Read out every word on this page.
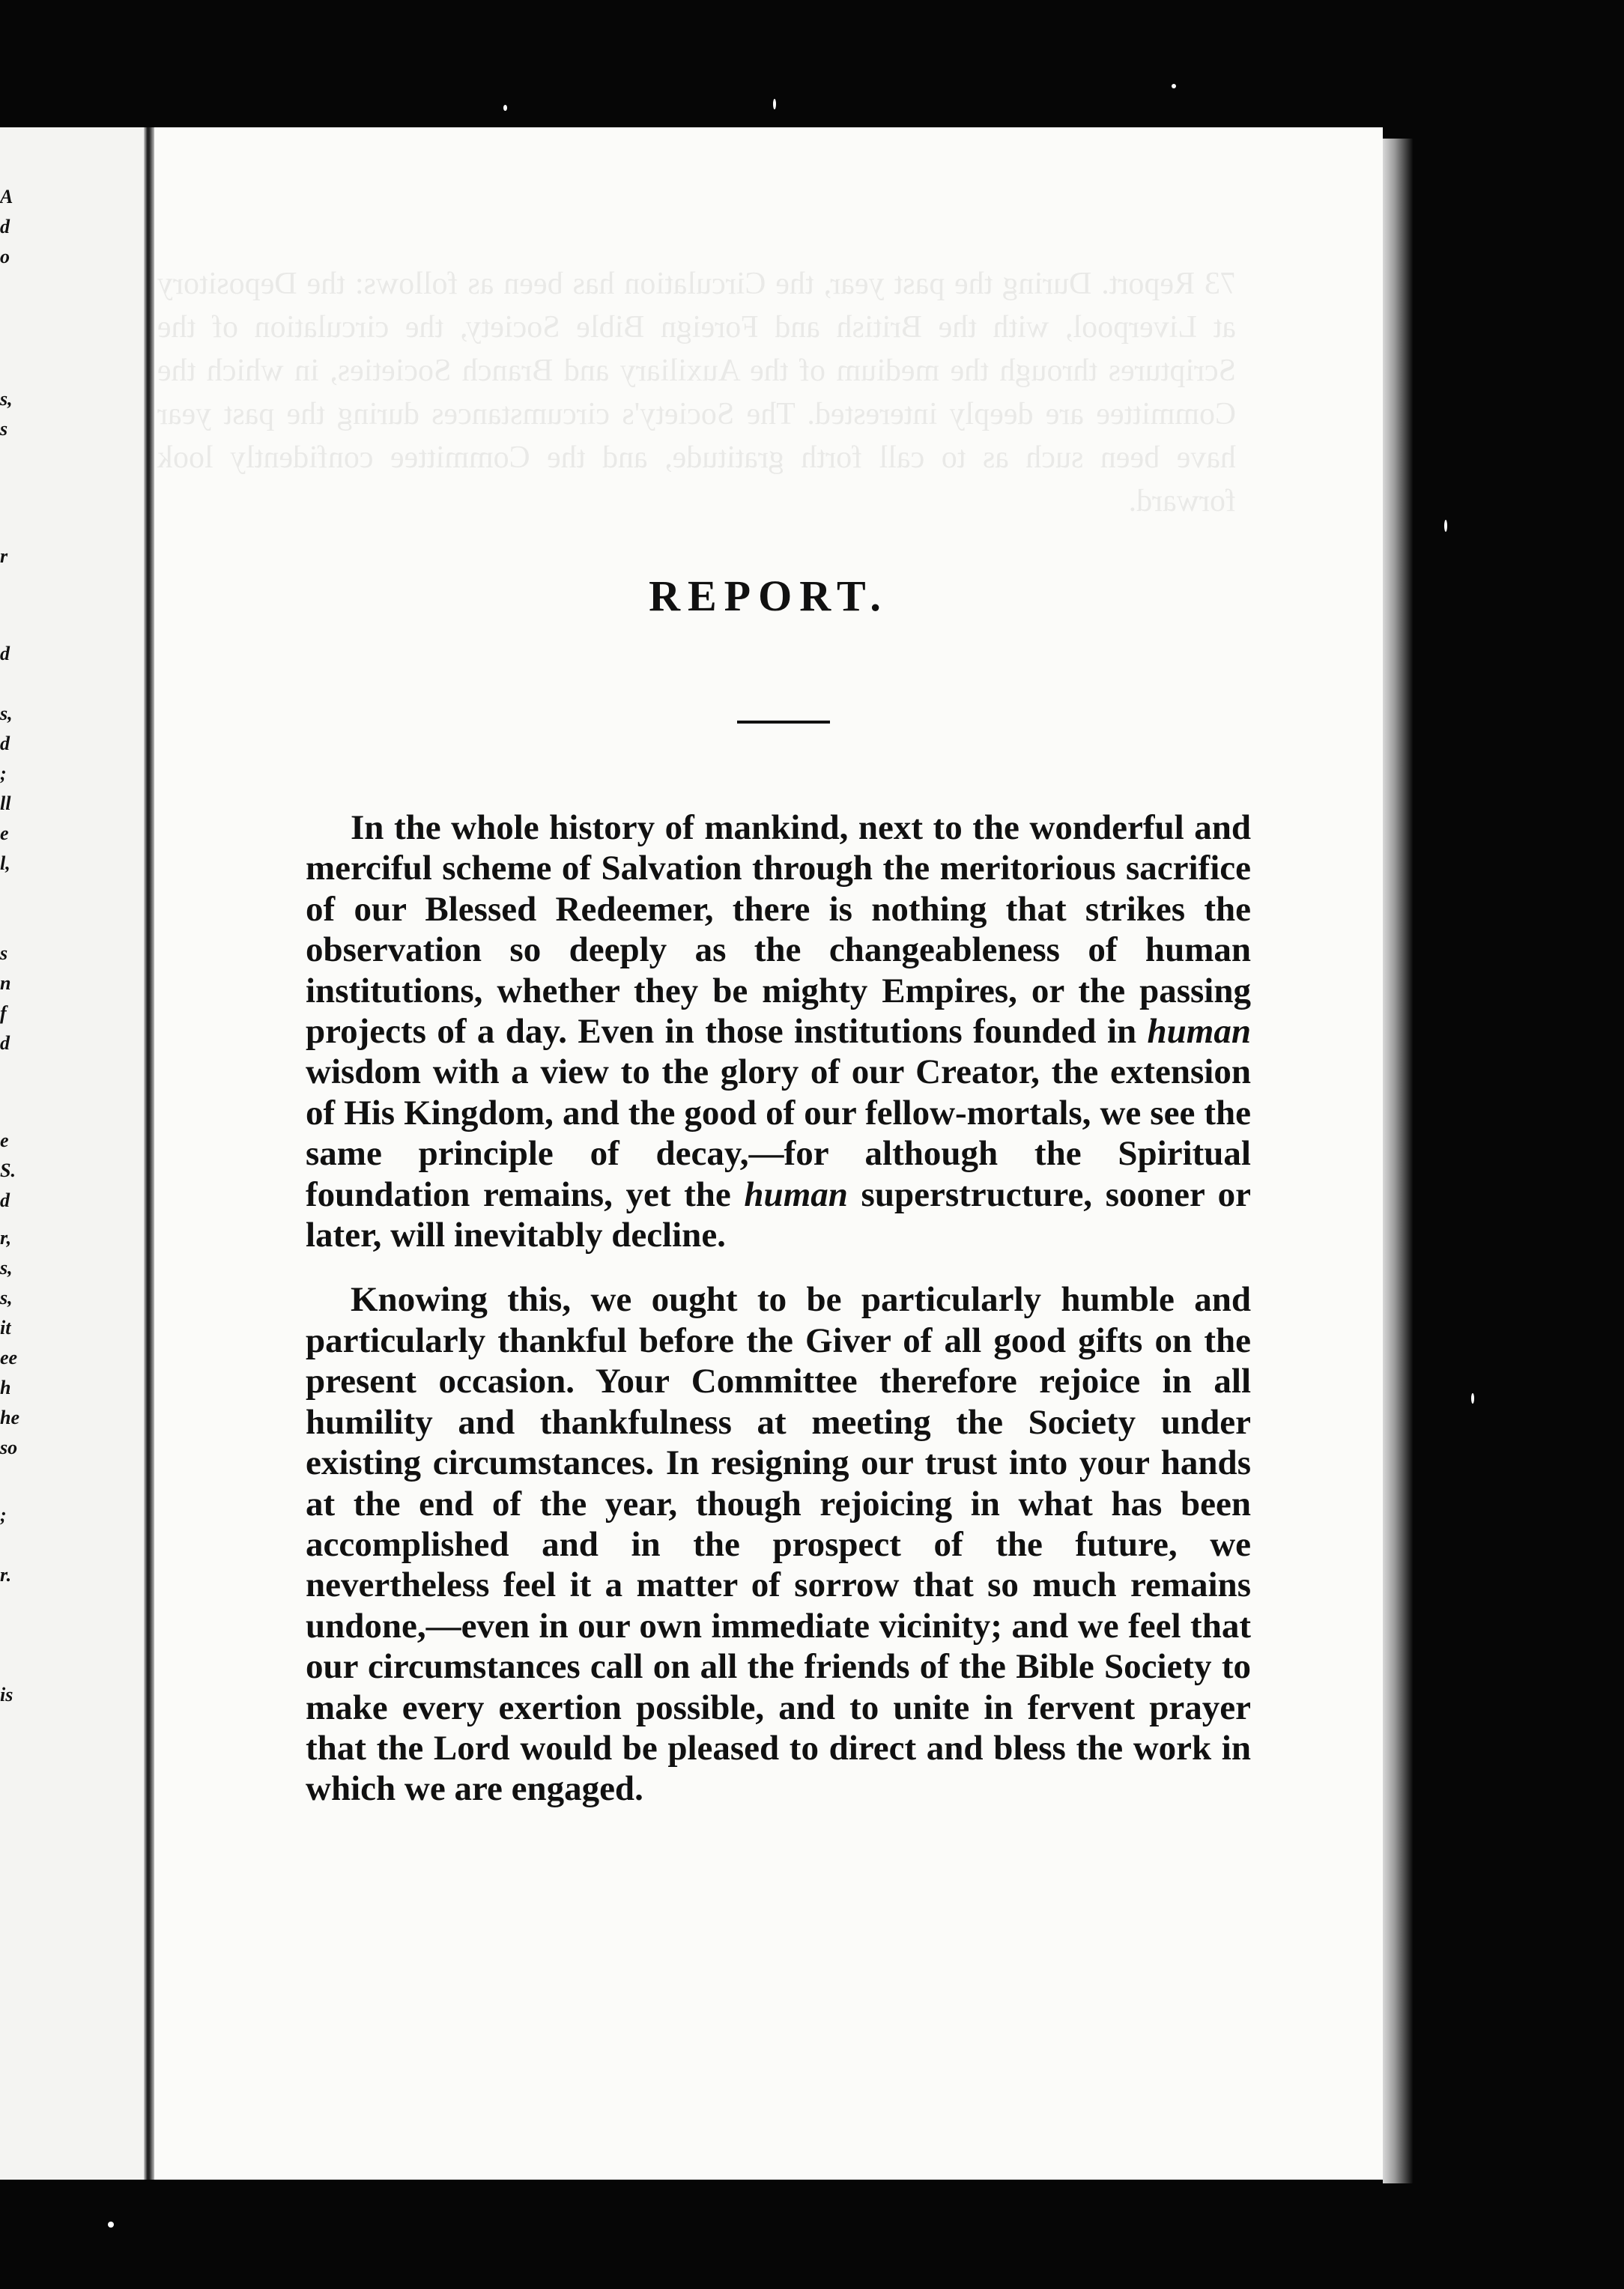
A
d
o
s,
s
r
d
s,
d
;
ll
e
l,
s
n
f
d
e
S.
d
r,
s,
s,
it
ee
h
he
so
;
r.
is
REPORT.

In the whole history of mankind, next to the wonderful and merciful scheme of Salvation through the meritorious sacrifice of our Blessed Redeemer, there is nothing that strikes the observation so deeply as the changeableness of human institutions, whether they be mighty Empires, or the passing projects of a day. Even in those institutions founded in human wisdom with a view to the glory of our Creator, the extension of His Kingdom, and the good of our fellow-mortals, we see the same principle of decay,—for although the Spiritual foundation remains, yet the human superstructure, sooner or later, will inevitably decline.

Knowing this, we ought to be particularly humble and particularly thankful before the Giver of all good gifts on the present occasion. Your Committee therefore rejoice in all humility and thankfulness at meeting the Society under existing circumstances. In resigning our trust into your hands at the end of the year, though rejoicing in what has been accomplished and in the prospect of the future, we nevertheless feel it a matter of sorrow that so much remains undone,—even in our own immediate vicinity; and we feel that our circumstances call on all the friends of the Bible Society to make every exertion possible, and to unite in fervent prayer that the Lord would be pleased to direct and bless the work in which we are engaged.
